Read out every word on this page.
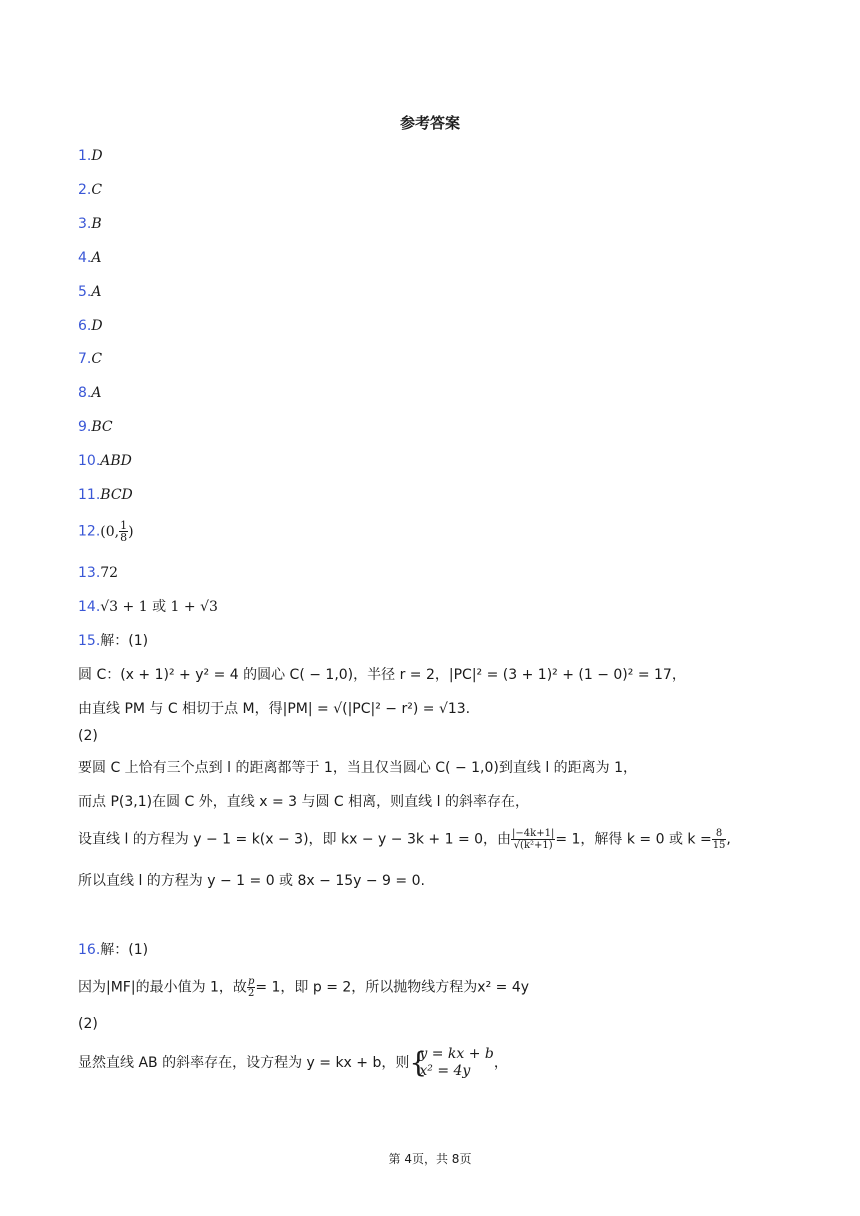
参考答案
1.D
2.C
3.B
4.A
5.A
6.D
7.C
8.A
9.BC
10.ABD
11.BCD
12.(0, $\frac{1}{8}$ )
13.72
14.√3 + 1 或 1 + √3
15.解：(1)
圆 C：(x + 1)² + y² = 4 的圆心 C( − 1,0)，半径 r = 2，|PC|² = (3 + 1)² + (1 − 0)² = 17，
由直线 PM 与 C 相切于点 M，得|PM| = √(|PC|² − r²) = √13.
(2)
要圆 C 上恰有三个点到 l 的距离都等于 1，当且仅当圆心 C( − 1,0)到直线 l 的距离为 1，
而点 P(3,1)在圆 C 外，直线 x = 3 与圆 C 相离，则直线 l 的斜率存在，
设直线 l 的方程为 y − 1 = k(x − 3)，即 kx − y − 3k + 1 = 0，由 $\frac{|-4k+1|}{\text{√(k²+1)}} = 1$，解得 k = 0 或 $k = \frac{8}{15}$ ,
所以直线 l 的方程为 y − 1 = 0 或 8x − 15y − 9 = 0.
16.解：(1)
因为|MF|的最小值为 1，故 $\frac{p}{2} = 1$，即 p = 2，所以抛物线方程为x² = 4y
(2)
显然直线 AB 的斜率存在，设方程为 y = kx + b，则 {
y = kx + b
x² = 4y	，
第 4页，共 8页
